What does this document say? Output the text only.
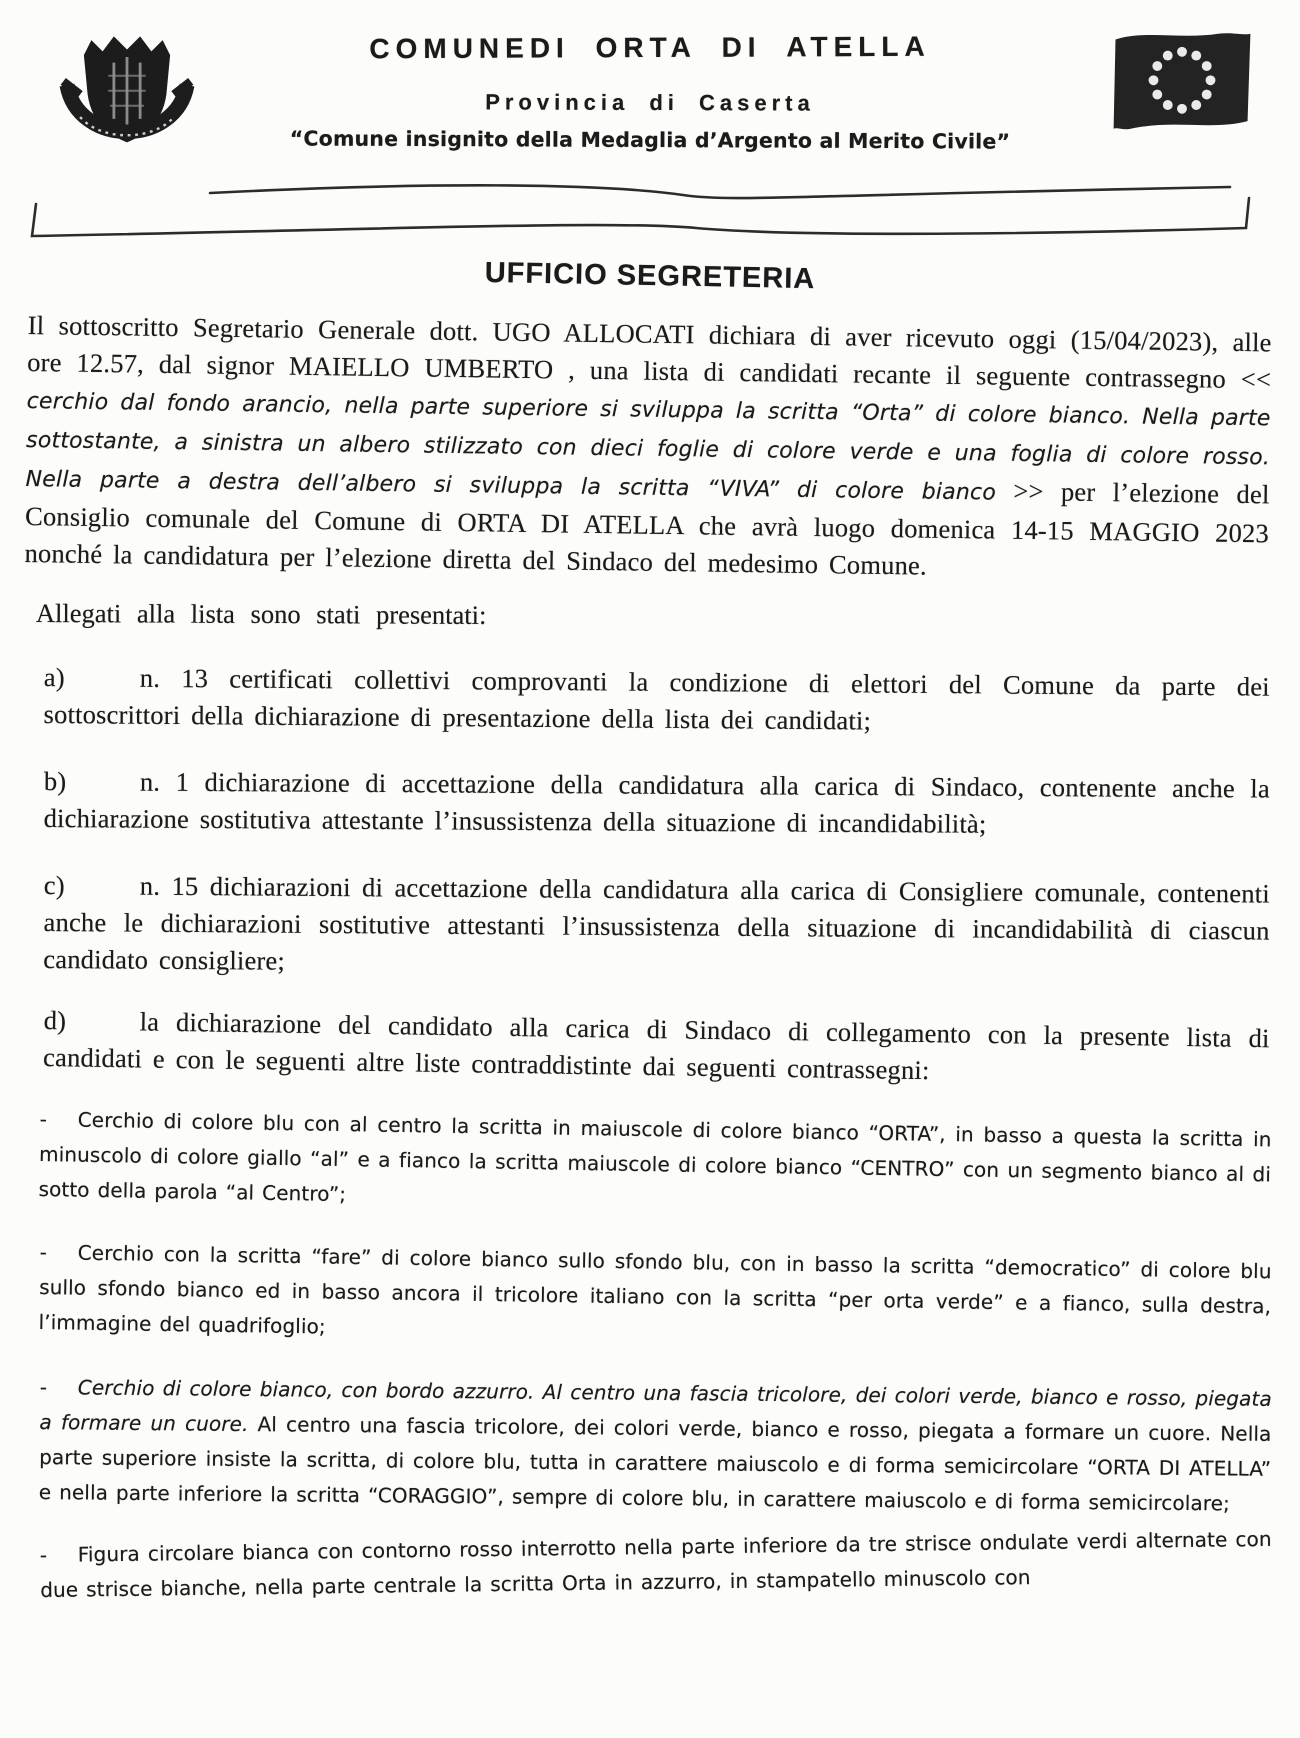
COMUNEDI ORTA DI ATELLA
Provincia di Caserta
“Comune insignito della Medaglia d’Argento al Merito Civile”
UFFICIO SEGRETERIA

Il sottoscritto Segretario Generale dott. UGO ALLOCATI dichiara di aver ricevuto oggi (15/04/2023), alle ore 12.57, dal signor MAIELLO UMBERTO , una lista di candidati recante il seguente contrassegno << cerchio dal fondo arancio, nella parte superiore si sviluppa la scritta “Orta” di colore bianco. Nella parte sottostante, a sinistra un albero stilizzato con dieci foglie di colore verde e una foglia di colore rosso. Nella parte a destra dell’albero si sviluppa la scritta “VIVA” di colore bianco >> per l’elezione del Consiglio comunale del Comune di ORTA DI ATELLA che avrà luogo domenica 14-15 MAGGIO 2023 nonché la candidatura per l’elezione diretta del Sindaco del medesimo Comune.

Allegati alla lista sono stati presentati:

a)	n. 13 certificati collettivi comprovanti la condizione di elettori del Comune da parte dei sottoscrittori della dichiarazione di presentazione della lista dei candidati;

b)	n. 1 dichiarazione di accettazione della candidatura alla carica di Sindaco, contenente anche la dichiarazione sostitutiva attestante l’insussistenza della situazione di incandidabilità;

c)	n. 15 dichiarazioni di accettazione della candidatura alla carica di Consigliere comunale, contenenti anche le dichiarazioni sostitutive attestanti l’insussistenza della situazione di incandidabilità di ciascun candidato consigliere;

d)	la dichiarazione del candidato alla carica di Sindaco di collegamento con la presente lista di candidati e con le seguenti altre liste contraddistinte dai seguenti contrassegni:

- Cerchio di colore blu con al centro la scritta in maiuscole di colore bianco “ORTA”, in basso a questa la scritta in minuscolo di colore giallo “al” e a fianco la scritta maiuscole di colore bianco “CENTRO” con un segmento bianco al di sotto della parola “al Centro”;

- Cerchio con la scritta “fare” di colore bianco sullo sfondo blu, con in basso la scritta “democratico” di colore blu sullo sfondo bianco ed in basso ancora il tricolore italiano con la scritta “per orta verde” e a fianco, sulla destra, l’immagine del quadrifoglio;

- Cerchio di colore bianco, con bordo azzurro. Al centro una fascia tricolore, dei colori verde, bianco e rosso, piegata a formare un cuore. Al centro una fascia tricolore, dei colori verde, bianco e rosso, piegata a formare un cuore. Nella parte superiore insiste la scritta, di colore blu, tutta in carattere maiuscolo e di forma semicircolare “ORTA DI ATELLA” e nella parte inferiore la scritta “CORAGGIO”, sempre di colore blu, in carattere maiuscolo e di forma semicircolare;

- Figura circolare bianca con contorno rosso interrotto nella parte inferiore da tre strisce ondulate verdi alternate con due strisce bianche, nella parte centrale la scritta Orta in azzurro, in stampatello minuscolo con
